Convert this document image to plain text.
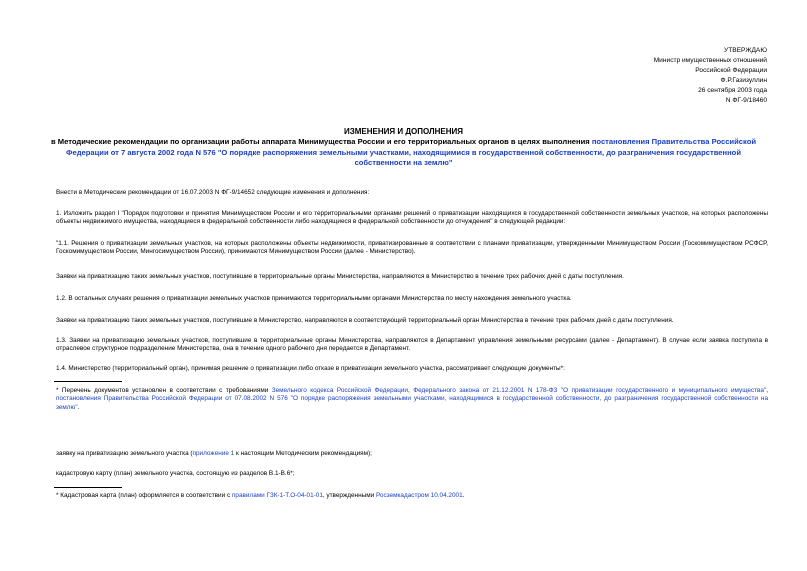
УТВЕРЖДАЮ
Министр имущественных отношений
Российской Федерации
Ф.Р.Газизуллин
26 сентября 2003 года
N ФГ-9/18460
ИЗМЕНЕНИЯ И ДОПОЛНЕНИЯ
в Методические рекомендации по организации работы аппарата Минимущества России и его территориальных органов в целях выполнения постановления Правительства Российской Федерации от 7 августа 2002 года N 576 "О порядке распоряжения земельными участками, находящимися в государственной собственности, до разграничения государственной собственности на землю"

Внести в Методические рекомендации от 16.07.2003 N ФГ-9/14652 следующие изменения и дополнения:

1. Изложить раздел I "Порядок подготовки и принятия Минимуществом России и его территориальными органами решений о приватизации находящихся в государственной собственности земельных участков, на которых расположены объекты недвижимого имущества, находящиеся в федеральной собственности либо находящиеся в федеральной собственности до отчуждения" в следующей редакции:

"1.1. Решения о приватизации земельных участков, на которых расположены объекты недвижимости, приватизированные в соответствии с планами приватизации, утвержденными Минимуществом России (Госкомимуществом РСФСР, Госкомимуществом России, Мингосимуществом России), принимаются Минимуществом России (далее - Министерство).

Заявки на приватизацию таких земельных участков, поступившие в территориальные органы Министерства, направляются в Министерство в течение трех рабочих дней с даты поступления.

1.2. В остальных случаях решения о приватизации земельных участков принимаются территориальными органами Министерства по месту нахождения земельного участка.

Заявки на приватизацию таких земельных участков, поступившие в Министерство, направляются в соответствующий территориальный орган Министерства в течение трех рабочих дней с даты поступления.

1.3. Заявки на приватизацию земельных участков, поступившие в территориальные органы Министерства, направляются в Департамент управления земельными ресурсами (далее - Департамент). В случае если заявка поступила в отраслевое структурное подразделение Министерства, она в течение одного рабочего дня передается в Департамент.

1.4. Министерство (территориальный орган), принимая решение о приватизации либо отказе в приватизации земельного участка, рассматривает следующие документы*:

* Перечень документов установлен в соответствии с требованиями Земельного кодекса Российской Федерации, Федерального закона от 21.12.2001 N 178-ФЗ "О приватизации государственного и муниципального имущества", постановления Правительства Российской Федерации от 07.08.2002 N 576 "О порядке распоряжения земельными участками, находящимися в государственной собственности, до разграничения государственной собственности на землю".
заявку на приватизацию земельного участка (приложение 1 к настоящим Методическим рекомендациям);
кадастровую карту (план) земельного участка, состоящую из разделов В.1-В.6*;
* Кадастровая карта (план) оформляется в соответствии с правилами ГЗК-1-Т.О-04-01-01, утвержденными Росземкадастром 10.04.2001.
